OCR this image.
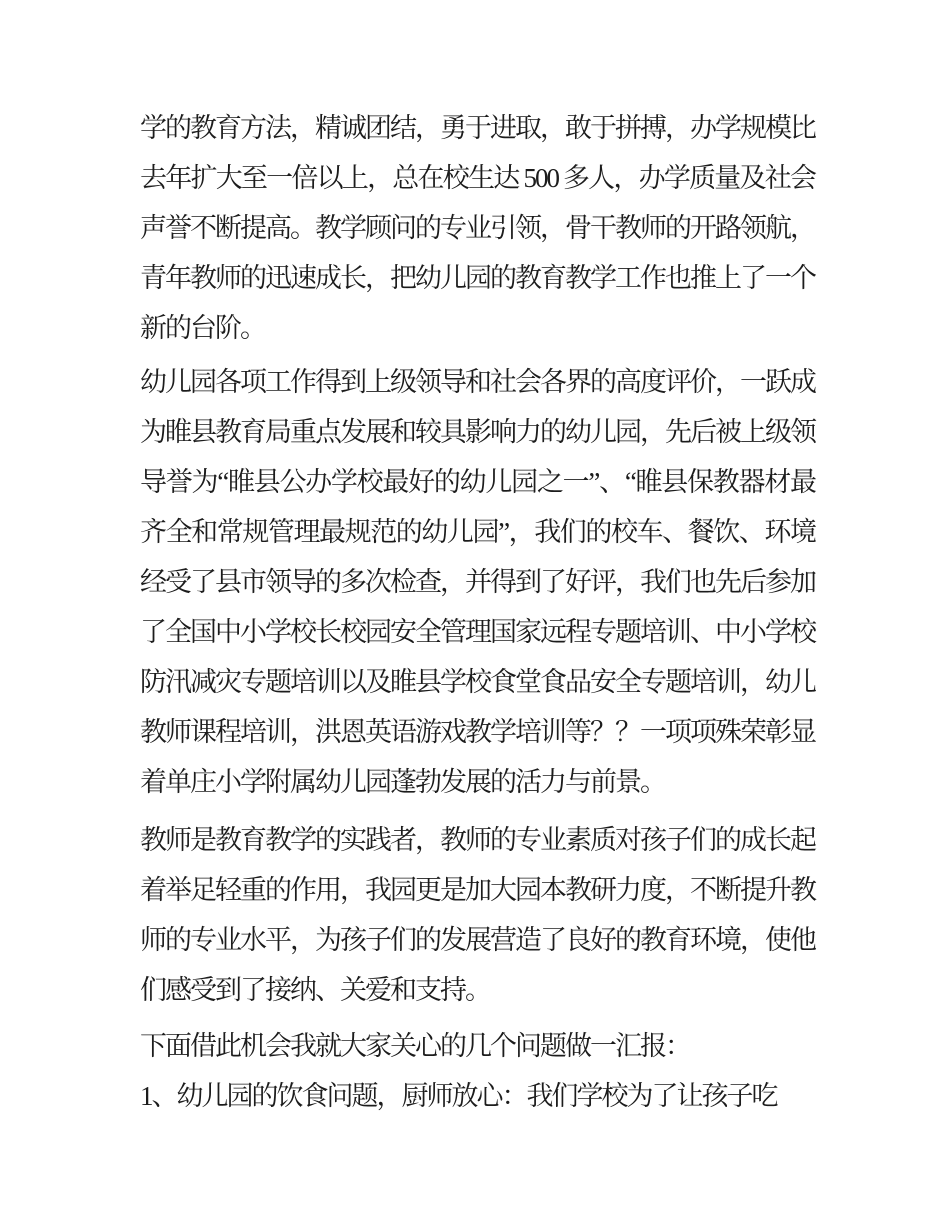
学的教育方法，精诚团结，勇于进取，敢于拼搏，办学规模比
去年扩大至一倍以上，总在校生达 500 多人，办学质量及社会
声誉不断提高。教学顾问的专业引领，骨干教师的开路领航，
青年教师的迅速成长，把幼儿园的教育教学工作也推上了一个
新的台阶。
幼儿园各项工作得到上级领导和社会各界的高度评价，一跃成
为睢县教育局重点发展和较具影响力的幼儿园，先后被上级领
导誉为“睢县公办学校最好的幼儿园之一”、“睢县保教器材最
齐全和常规管理最规范的幼儿园”，我们的校车、餐饮、环境
经受了县市领导的多次检查，并得到了好评，我们也先后参加
了全国中小学校长校园安全管理国家远程专题培训、中小学校
防汛减灾专题培训以及睢县学校食堂食品安全专题培训，幼儿
教师课程培训，洪恩英语游戏教学培训等？？一项项殊荣彰显
着单庄小学附属幼儿园蓬勃发展的活力与前景。
教师是教育教学的实践者，教师的专业素质对孩子们的成长起
着举足轻重的作用，我园更是加大园本教研力度，不断提升教
师的专业水平，为孩子们的发展营造了良好的教育环境，使他
们感受到了接纳、关爱和支持。
下面借此机会我就大家关心的几个问题做一汇报：
1、幼儿园的饮食问题，厨师放心：我们学校为了让孩子吃
